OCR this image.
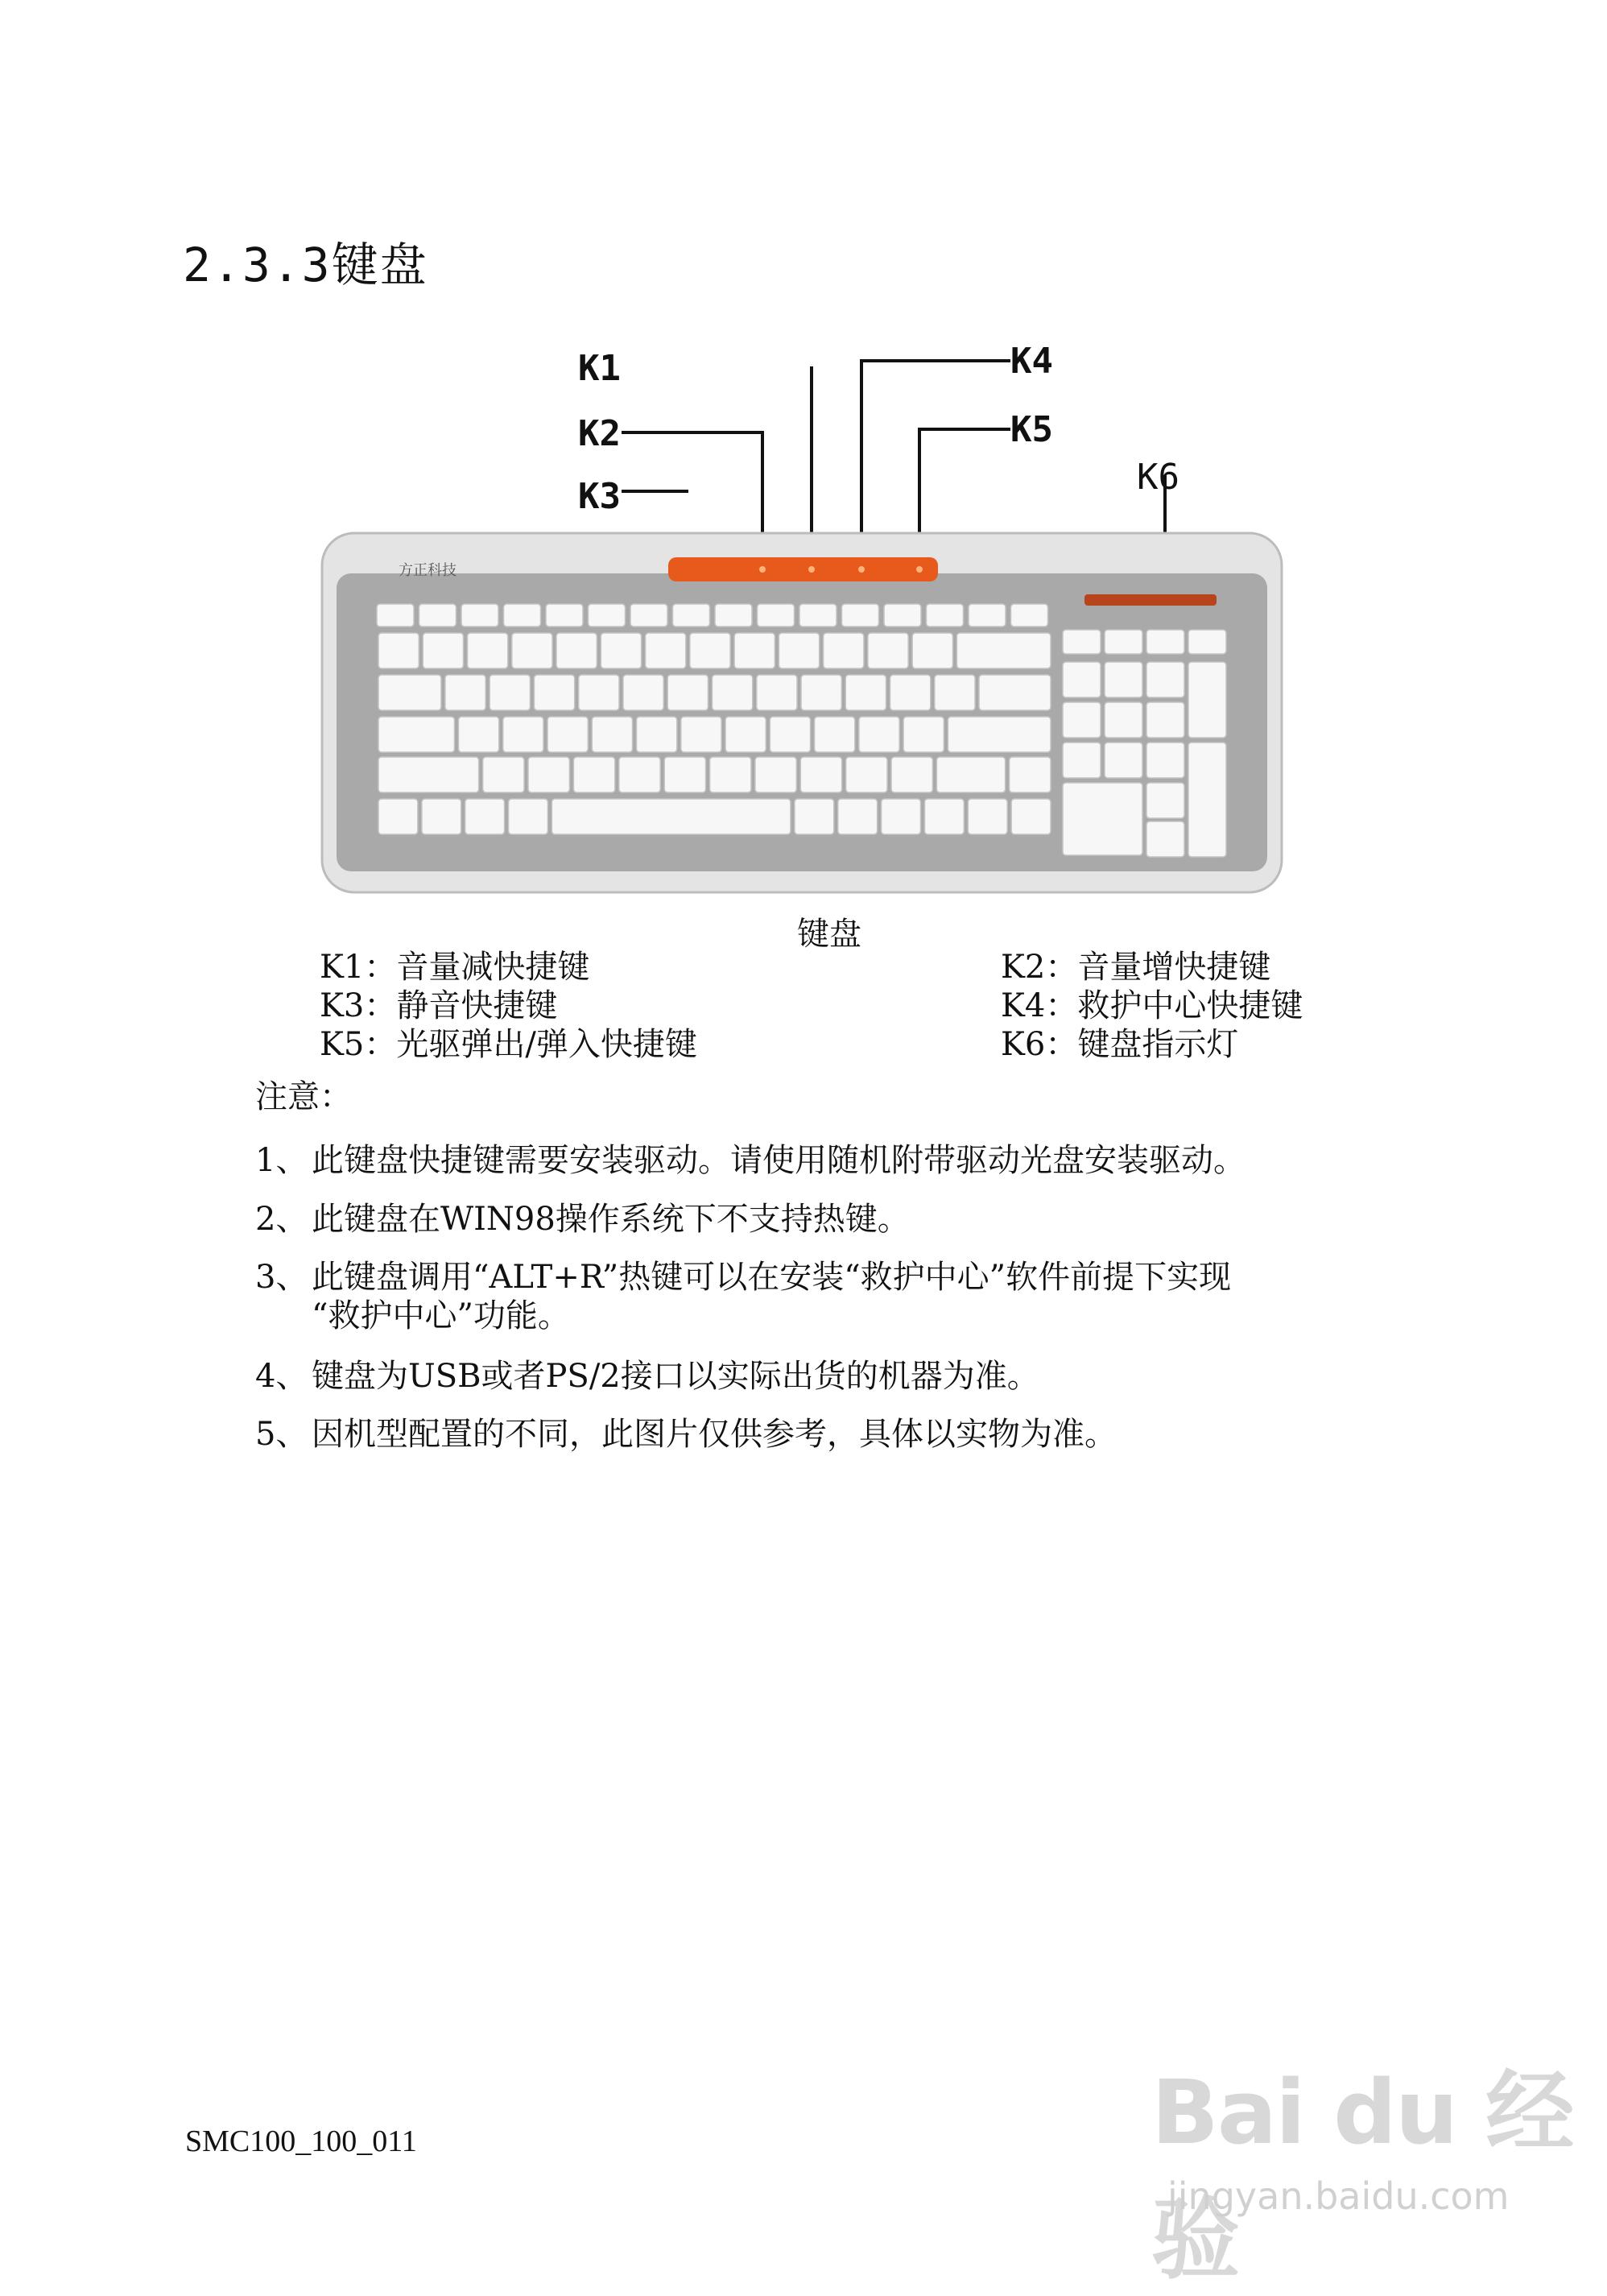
2.3.3键盘
K1
K2
K3
K4
K5
K6
方正科技
键盘
K1：音量减快捷键	K2：音量增快捷键
K3：静音快捷键	K4：救护中心快捷键
K5：光驱弹出/弹入快捷键	K6：键盘指示灯
注意：
1、 此键盘快捷键需要安装驱动。请使用随机附带驱动光盘安装驱动。
2、 此键盘在WIN98操作系统下不支持热键。
3、 此键盘调用“ALT+R”热键可以在安装“救护中心”软件前提下实现
“救护中心”功能。
4、 键盘为USB或者PS/2接口以实际出货的机器为准。
5、 因机型配置的不同，此图片仅供参考，具体以实物为准。
SMC100_100_011	Bai du 经验
jingyan.baidu.com
